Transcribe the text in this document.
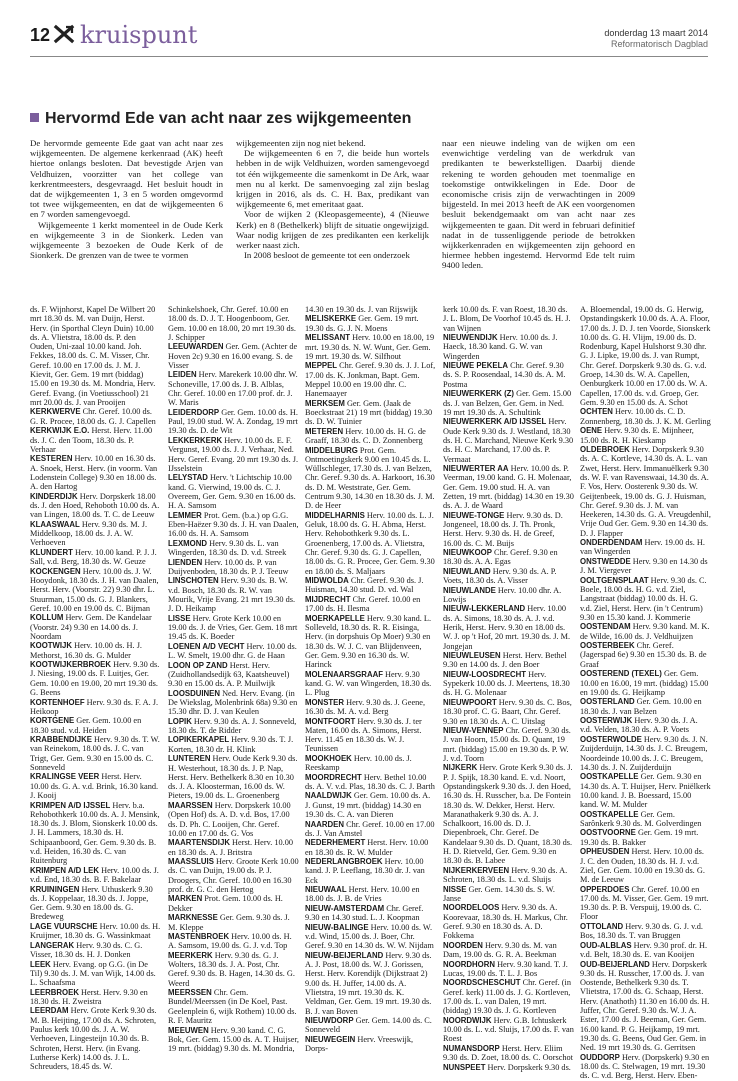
12 kruispunt	donderdag 13 maart 2014
Reformatorisch Dagblad
Hervormd Ede van acht naar zes wijkgemeenten

De hervormde gemeente Ede gaat van acht naar zes wijkgemeenten. De algemene kerkenraad (AK) heeft hiertoe onlangs besloten. Dat bevestigde Arjen van Veldhuizen, voorzitter van het college van kerkrentmeesters, desgevraagd. Het besluit houdt in dat de wijkgemeenten 1, 3 en 5 worden omgevormd tot twee wijkgemeenten, en dat de wijkgemeenten 6 en 7 worden samengevoegd.

Wijkgemeente 1 kerkt momenteel in de Oude Kerk en wijkgemeente 3 in de Sionkerk. Leden van wijkgemeente 3 bezoeken de Oude Kerk of de Sionkerk. De grenzen van de twee te vormen

wijkgemeenten zijn nog niet bekend.

De wijkgemeenten 6 en 7, die beide hun wortels hebben in de wijk Veldhuizen, worden samengevoegd tot één wijkgemeente die samenkomt in De Ark, waar men nu al kerkt. De samenvoeging zal zijn beslag krijgen in 2016, als ds. C. H. Bax, predikant van wijkgemeente 6, met emeritaat gaat.

Voor de wijken 2 (Kleopasgemeente), 4 (Nieuwe Kerk) en 8 (Bethelkerk) blijft de situatie ongewijzigd. Waar nodig krijgen de zes predikanten een kerkelijk werker naast zich.

In 2008 besloot de gemeente tot een onderzoek

naar een nieuwe indeling van de wijken om een evenwichtige verdeling van de werkdruk van predikanten te bewerkstelligen. Daarbij diende rekening te worden gehouden met toenmalige en toekomstige ontwikkelingen in Ede. Door de economische crisis zijn de verwachtingen in 2009 bijgesteld. In mei 2013 heeft de AK een voorgenomen besluit bekendgemaakt om van acht naar zes wijkgemeenten te gaan. Dit werd in februari definitief nadat in de tussenliggende periode de betrokken wijkkerkenraden en wijkgemeenten zijn gehoord en hiermee hebben ingestemd. Hervormd Ede telt ruim 9400 leden.

ds. F. Wijnhorst, Kapel De Wilbert 20 mrt 18.30 ds. M. van Duijn, Herst. Herv. (in Sporthal Cleyn Duin) 10.00 ds. A. Vlietstra, 18.00 ds. P. den Ouden, Uni-zaal 10.00 kand. Joh. Fekkes, 18.00 ds. C. M. Visser, Chr. Geref. 10.00 en 17.00 ds. J. M. J. Kievit, Ger. Gem. 19 mrt (biddag) 15.00 en 19.30 ds. M. Mondria, Herv. Geref. Evang. (in Voetiusschool) 21 mrt 20.00 ds. J. van Prooijen
KERKWERVE Chr. Geref. 10.00 ds. G. R. Procee, 18.00 ds. G. J. Capellen
KERKWIJK E.O. Herst. Herv. 11.00 ds. J. C. den Toom, 18.30 ds. P. Verhaar
KESTEREN Herv. 10.00 en 16.30 ds. A. Snoek, Herst. Herv. (in voorm. Van Lodenstein College) 9.30 en 18.00 ds. A. den Hartog
KINDERDIJK Herv. Dorpskerk 18.00 ds. J. den Hoed, Rehoboth 10.00 ds. A. van Lingen, 18.00 ds. T. C. de Leeuw
KLAASWAAL Herv. 9.30 ds. M. J. Middelkoop, 18.00 ds. J. A. W. Verhoeven
KLUNDERT Herv. 10.00 kand. P. J. J. Sall, v.d. Berg, 18.30 ds. W. Geuze
KOCKENGEN Herv. 10.00 ds. J. W. Hooydonk, 18.30 ds. J. H. van Daalen, Herst. Herv. (Voorstr. 22) 9.30 dhr. L. Stuurman, 15.00 ds. G. J. Blankers, Geref. 10.00 en 19.00 ds. C. Bijman
KOLLUM Herv. Gem. De Kandelaar (Voorstr. 24) 9.30 en 14.00 ds. J. Noordam
KOOTWIJK Herv. 10.00 ds. H. J. Methorst, 16.30 ds. G. Mulder
KOOTWIJKERBROEK Herv. 9.30 ds. J. Niesing, 19.00 ds. F. Luitjes, Ger. Gem. 10.00 en 19.00, 20 mrt 19.30 ds. G. Beens
KORTENHOEF Herv. 9.30 ds. F. A. J. Heikoop
KORTGENE Ger. Gem. 10.00 en 18.30 stud. v.d. Heiden
KRABBENDIJKE Herv. 9.30 ds. T. W. van Reinekom, 18.00 ds. J. C. van Trigt, Ger. Gem. 9.30 en 15.00 ds. C. Sonneveld
KRALINGSE VEER Herst. Herv. 10.00 ds. G. A. v.d. Brink, 16.30 kand. J. Kooij
KRIMPEN A/D IJSSEL Herv. b.a. Rehobothkerk 10.00 ds. A. J. Mensink, 18.30 ds. J. Blom, Sionskerk 10.00 ds. J. H. Lammers, 18.30 ds. H. Schipaanboord, Ger. Gem. 9.30 ds. B. v.d. Heiden, 16.30 ds. C. van Ruitenburg
KRIMPEN A/D LEK Herv. 10.00 ds. J. v.d. End, 18.30 ds. B. F. Bakelaar
KRUININGEN Herv. Uthuskerk 9.30 ds. J. Koppelaar, 18.30 ds. J. Joppe, Ger. Gem. 9.30 en 18.00 ds. G. Bredeweg
LAGE VUURSCHE Herv. 10.00 ds. H. Kruijmer, 18.30 ds. G. Wassinkmaat
LANGERAK Herv. 9.30 ds. C. G. Visser, 18.30 ds. H. J. Donken
LEEK Herv. Evang. op G.G. (in De Til) 9.30 ds. J. M. van Wijk, 14.00 ds. L. Schaafsma
LEERBROEK Herst. Herv. 9.30 en 18.30 ds. H. Zweistra
LEERDAM Herv. Grote Kerk 9.30 ds. M. B. Heijting, 17.00 ds. A. Schroten, Paulus kerk 10.00 ds. J. A. W. Verhoeven, Lingesteijn 10.30 ds. B. Schroten, Herst. Herv. (in Evang. Lutherse Kerk) 14.00 ds. J. L. Schreuders, 18.45 ds. W.
Schinkelshoek, Chr. Geref. 10.00 en 18.00 ds. D. J. T. Hoogenboom, Ger. Gem. 10.00 en 18.00, 20 mrt 19.30 ds. J. Schipper
LEEUWARDEN Ger. Gem. (Achter de Hoven 2c) 9.30 en 16.00 evang. S. de Visser
LEIDEN Herv. Marekerk 10.00 dhr. W. Schoneville, 17.00 ds. J. B. Alblas, Chr. Geref. 10.00 en 17.00 prof. dr. J. W. Maris
LEIDERDORP Ger. Gem. 10.00 ds. H. Paul, 19.00 stud. W. A. Zondag, 19 mrt 19.30 ds. D. de Wit
LEKKERKERK Herv. 10.00 ds. E. F. Vergunst, 19.00 ds. J. J. Verhaar, Ned. Herv. Geref. Evang. 20 mrt 19.30 ds. J. IJsselstein
LELYSTAD Herv. 't Lichtschip 10.00 kand. G. Vierwind, 19.00 ds. C. J. Overeem, Ger. Gem. 9.30 en 16.00 ds. H. A. Samsom
LEMMER Prot. Gem. (b.a.) op G.G. Eben-Haëzer 9.30 ds. J. H. van Daalen, 16.00 ds. H. A. Samsom
LEXMOND Herv. 9.30 ds. L. van Wingerden, 18.30 ds. D. v.d. Streek
LIENDEN Herv. 10.00 ds. P. van Duijvenboden, 18.30 ds. P. J. Teeuw
LINSCHOTEN Herv. 9.30 ds. B. W. v.d. Bosch, 18.30 ds. R. W. van Mourik, Vrije Evang. 21 mrt 19.30 ds. J. D. Heikamp
LISSE Herv. Grote Kerk 10.00 en 19.00 ds. J. de Vries, Ger. Gem. 18 mrt 19.45 ds. K. Boeder
LOENEN A/D VECHT Herv. 10.00 ds. L. W. Smelt, 19.00 dhr. G. de Haan
LOON OP ZAND Herst. Herv. (Zuidhollandsedijk 63, Kaatsheuvel) 9.30 en 15.00 ds. A. P. Muilwijk
LOOSDUINEN Ned. Herv. Evang. (in De Wiekslag, Molenbrink 68a) 9.30 en 15.30 dhr. D. J. van Keulen
LOPIK Herv. 9.30 ds. A. J. Sonneveld, 18.30 ds. T. de Ridder
LOPIKERKAPEL Herv. 9.30 ds. T. J. Korten, 18.30 dr. H. Klink
LUNTEREN Herv. Oude Kerk 9.30 ds. H. Westerhout, 18.30 ds. J. P. Nap, Herst. Herv. Bethelkerk 8.30 en 10.30 ds. J. A. Kloosterman, 16.00 ds. W. Pieters, 19.00 ds. L. Groenenberg
MAARSSEN Herv. Dorpskerk 10.00 (Open Hof) ds. A. D. v.d. Bos, 17.00 ds. D. Ph. C. Looijen, Chr. Geref. 10.00 en 17.00 ds. G. Vos
MAARTENSDIJK Herst. Herv. 10.00 en 18.30 ds. A. J. Britstra
MAASSLUIS Herv. Groote Kerk 10.00 ds. C. van Duijn, 19.00 ds. P. J. Droogers, Chr. Geref. 10.00 en 16.30 prof. dr. G. C. den Hertog
MARKEN Prot. Gem. 10.00 ds. H. Dekker
MARKNESSE Ger. Gem. 9.30 ds. J. M. Kleppe
MASTENBROEK Herv. 10.00 ds. H. A. Samsom, 19.00 ds. G. J. v.d. Top
MEERKERK Herv. 9.30 ds. G. J. Wolters, 18.30 ds. J. A. Post, Chr. Geref. 9.30 ds. B. Hagen, 14.30 ds. G. Weerd
MEERSSEN Chr. Gem. Bundel/Meerssen (in De Koel, Past. Geelenplein 6, wijk Rothem) 10.00 ds. R. F. Mauritz
MEEUWEN Herv. 9.30 kand. C. G. Bok, Ger. Gem. 15.00 ds. A. T. Huijser, 19 mrt. (biddag) 9.30 ds. M. Mondria,
14.30 en 19.30 ds. J. van Rijswijk
MELISKERKE Ger. Gem. 19 mrt. 19.30 ds. G. J. N. Moens
MELISSANT Herv. 10.00 en 18.00, 19 mrt. 19.30 ds. N. W. Wunt, Ger. Gem. 19 mrt. 19.30 ds. W. Silfhout
MEPPEL Chr. Geref. 9.30 ds. J. J. Lof, 17.00 ds. K. Jonkman, Bapt. Gem. Meppel 10.00 en 19.00 dhr. C. Hanemaayer
MERKSEM Ger. Gem. (Jaak de Boeckstraat 21) 19 mrt (biddag) 19.30 ds. D. W. Tuinier
METEREN Herv. 10.00 ds. H. G. de Graaff, 18.30 ds. C. D. Zonnenberg
MIDDELBURG Prot. Gem. Ontmoetingskerk 9.00 en 10.45 ds. L. Wüllschleger, 17.30 ds. J. van Belzen, Chr. Geref. 9.30 ds. A. Harkoort, 16.30 ds. D. M. Weststrate, Ger. Gem. Centrum 9.30, 14.30 en 18.30 ds. J. M. D. de Heer
MIDDELHARNIS Herv. 10.00 ds. L. J. Geluk, 18.00 ds. G. H. Abma, Herst. Herv. Rehobothkerk 9.30 ds. L. Groenenberg, 17.00 ds. A. Vlietstra, Chr. Geref. 9.30 ds. G. J. Capellen, 18.00 ds. G. R. Procee, Ger. Gem. 9.30 en 18.00 ds. S. Maljaars
MIDWOLDA Chr. Geref. 9.30 ds. J. Huisman, 14.30 stud. D. vd. Wal
MIJDRECHT Chr. Geref. 10.00 en 17.00 ds. H. Ilesma
MOERKAPELLE Herv. 9.30 kand. L. Solleveld, 18.30 ds. R. R. Eisinga, Herv. (in dorpshuis Op Moer) 9.30 en 18.30 ds. W. J. C. van Blijdenveen, Ger. Gem. 9.30 en 16.30 ds. W. Harinck
MOLENAARSGRAAF Herv. 9.30 kand. G. W. van Wingerden, 18.30 ds. L. Plug
MONSTER Herv. 9.30 ds. J. Geene, 16.30 ds. M. A. v.d. Berg
MONTFOORT Herv. 9.30 ds. J. ter Maten, 16.00 ds. A. Simons, Herst. Herv. 11.45 en 18.30 ds. W. J. Teunissen
MOOKHOEK Herv. 10.00 ds. J. Reeskamp
MOORDRECHT Herv. Bethel 10.00 ds. A. V. v.d. Plas, 18.30 ds. C. J. Barth
NAALDWIJK Ger. Gem. 10.00 ds. A. J. Gunst, 19 mrt. (biddag) 14.30 en 19.30 ds. C. A. van Dieren
NAARDEN Chr. Geref. 10.00 en 17.00 ds. J. Van Amstel
NEDERHEMERT Herst. Herv. 10.00 en 18.30 ds. R. W. Mulder
NEDERLANGBROEK Herv. 10.00 kand. J. P. Leeflang, 18.30 dr. J. van Eck
NIEUWAAL Herst. Herv. 10.00 en 18.00 ds. J. B. de Vries
NIEUW-AMSTERDAM Chr. Geref. 9.30 en 14.30 stud. L. J. Koopman
NIEUW-BALINGE Herv. 10.00 ds. W. v.d. Wind, 15.00 ds. J. Boer, Chr. Geref. 9.30 en 14.30 ds. W. W. Nijdam
NIEUW-BEIJERLAND Herv. 9.30 ds. A. J. Post, 18.00 ds. W. J. Gorissen, Herst. Herv. Korendijk (Dijkstraat 2) 9.00 ds. H. Juffer, 14.00 ds. A. Vlietstra, 19 mrt. 19.30 ds. K. Veldman, Ger. Gem. 19 mrt. 19.30 ds. B. J. van Boven
NIEUWDORP Ger. Gem. 14.00 ds. C. Sonneveld
NIEUWEGEIN Herv. Vreeswijk, Dorps-
kerk 10.00 ds. F. van Roest, 18.30 ds. J. L. Blom, De Voorhof 10.45 ds. H. J. van Wijnen
NIEUWENDIJK Herv. 10.00 ds. J. Haeck, 18.30 kand. G. W. van Wingerden
NIEUWE PEKELA Chr. Geref. 9.30 ds. S. P. Roosendaal, 14.30 ds. A. M. Postma
NIEUWERKERK (Z) Ger. Gem. 15.00 ds. J. van Belzen, Ger. Gem. in Ned. 19 mrt 19.30 ds. A. Schultink
NIEUWERKERK A/D IJSSEL Herv. Oude Kerk 9.30 ds. J. Westland, 18.30 ds. H. C. Marchand, Nieuwe Kerk 9.30 ds. H. C. Marchand, 17.00 ds. P. Vermaat
NIEUWERTER AA Herv. 10.00 ds. P. Veerman, 19.00 kand. G. H. Molenaar, Ger. Gem. 19.00 stud. H. A. van Zetten, 19 mrt. (biddag) 14.30 en 19.30 ds. A. J. de Waard
NIEUWE-TONGE Herv. 9.30 ds. D. Jongeneel, 18.00 ds. J. Th. Pronk, Herst. Herv. 9.30 ds. H. de Greef, 16.00 ds. C. M. Buijs
NIEUWKOOP Chr. Geref. 9.30 en 18.30 ds. A. A. Egas
NIEUWLAND Herv. 9.30 ds. A. P. Voets, 18.30 ds. A. Visser
NIEUWLANDE Herv. 10.00 dhr. A. Lowijs
NIEUW-LEKKERLAND Herv. 10.00 ds. A. Simons, 18.30 ds. A. J. v.d. Herik, Herst. Herv. 9.30 en 18.00 ds. W. J. op 't Hof, 20 mrt. 19.30 ds. J. M. Jongejan
NIEUWLEUSEN Herst. Herv. Bethel 9.30 en 14.00 ds. J. den Boer
NIEUW-LOOSDRECHT Herv. Sypekerk 10.00 ds. J. Meertens, 18.30 ds. H. G. Molenaar
NIEUWPOORT Herv. 9.30 ds. C. Bos, 18.30 prof. C. G. Baart, Chr. Geref. 9.30 en 18.30 ds. A. C. Uitslag
NIEUW-VENNEP Chr. Geref. 9.30 ds. J. van Hoorn, 15.00 ds. D. Quant, 19 mrt. (biddag) 15.00 en 19.30 ds. P. W. J. v.d. Toorn
NIJKERK Herv. Grote Kerk 9.30 ds. J. P. J. Spijk, 18.30 kand. E. v.d. Noort, Opstandingskerk 9.30 ds. J. den Hoed, 16.30 ds. H. Russcher, b.a. De Fontein 18.30 ds. W. Dekker, Herst. Herv. Maranathakerk 9.30 ds. A. J. Schalkoort, 16.00 ds. D. J. Diepenbroek, Chr. Geref. De Kandelaar 9.30 ds. D. Quant, 18.30 ds. H. D. Rietveld, Ger. Gem. 9.30 en 18.30 ds. B. Labee
NIJKERKERVEEN Herv. 9.30 ds. A. Schroten, 18.30 ds. L. v.d. Sluijs
NISSE Ger. Gem. 14.30 ds. S. W. Janse
NOORDELOOS Herv. 9.30 ds. A. Koorevaar, 18.30 ds. H. Markus, Chr. Geref. 9.30 en 18.30 ds. A. D. Fokkema
NOORDEN Herv. 9.30 ds. M. van Dam, 19.00 ds. G. R. A. Beekman
NOORDHORN Herv. 9.30 kand. T. J. Lucas, 19.00 ds. T. L. J. Bos
NOORDSCHESCHUT Chr. Geref. (in Geref. kerk) 11.00 ds. J. G. Kortleven, 17.00 ds. L. van Dalen, 19 mrt. (biddag) 19.30 ds. J. G. Kortleven
NOORDWIJK Herv. G.B. Ichtuskerk 10.00 ds. L. v.d. Sluijs, 17.00 ds. F. van Roest
NUMANSDORP Herst. Herv. Eliim 9.30 ds. D. Zoet, 18.00 ds. C. Oorschot
NUNSPEET Herv. Dorpskerk 9.30 ds.
A. Bloemendal, 19.00 ds. G. Herwig, Opstandingskerk 10.00 ds. A. A. Floor, 17.00 ds. J. D. J. ten Voorde, Sionskerk 10.00 ds. G. H. Vlijm, 19.00 ds. D. Rodenburg, Kapel Hulshorst 9.30 dhr. G. J. Lipke, 19.00 ds. J. van Rumpt, Chr. Geref. Dorpskerk 9.30 ds. G. v.d. Groep, 14.30 ds. W. A. Capellen, Oenburgkerk 10.00 en 17.00 ds. W. A. Capellen, 17.00 ds. v.d. Groep, Ger. Gem. 9.30 en 15.00 ds. A. Schot
OCHTEN Herv. 10.00 ds. C. D. Zonnenberg, 18.30 ds. J. K. M. Gerling
OENE Herv. 9.30 ds. E. Mijnheer, 15.00 ds. R. H. Kieskamp
OLDEBROEK Herv. Dorpskerk 9.30 ds. A. C. Kortleve, 14.30 ds. A. L. van Zwet, Herst. Herv. Immanuëlkerk 9.30 ds. W. F. van Ravenswaai, 14.30 ds. A. F. Vos, Herv. Oosterenk 9.30 ds. W. Geijtenbeek, 19.00 ds. G. J. Huisman, Chr. Geref. 9.30 ds. J. M. van Heekeren, 14.30 ds. G. A. Vreugdenhil, Vrije Oud Ger. Gem. 9.30 en 14.30 ds. D. J. Flapper
ONDERDENDAM Herv. 19.00 ds. H. van Wingerden
ONSTWEDDE Herv. 9.30 en 14.30 ds J. M. Viergever
OOLTGENSPLAAT Herv. 9.30 ds. C. Boele, 18.00 ds. H. G. v.d. Ziel, Langstraat (biddag) 10.00 ds. H. G. v.d. Ziel, Herst. Herv. (in 't Centrum) 9.30 en 15.30 kand. J. Kommerie
OOSTENDAM Herv. 9.30 kand. M. K. de Wilde, 16.00 ds. J. Veldhuijzen
OOSTERBEEK Chr. Geref. (Jagerspad 6e) 9.30 en 15.30 ds. B. de Graaf
OOSTEREND (TEXEL) Ger. Gem. 10.00 en 16.00, 19 mrt. (biddag) 15.00 en 19.00 ds. G. Heijkamp
OOSTERLAND Ger. Gem. 10.00 en 18.30 ds. J. van Belzen
OOSTERWIJK Herv. 9.30 ds. J. A. v.d. Velden, 18.30 ds. A. P. Voets
OOSTERWOLDE Herv. 9.30 ds. J. N. Zuijderduijn, 14.30 ds. J. C. Breugem, Noordeinde 10.00 ds. J. C. Breugem, 14.30 ds. J. N. Zuijderduijn
OOSTKAPELLE Ger. Gem. 9.30 en 14.30 ds. A. T. Huijser, Herv. Pniëlkerk 10.00 kand. J. B. Boessard, 15.00 kand. W. M. Mulder
OOSTKAPELLE Ger. Gem. Sarônkerk 9.30 ds. M. Golverdingen
OOSTVOORNE Ger. Gem. 19 mrt. 19.30 ds. B. Bakker
OPHEUSDEN Herst. Herv. 10.00 ds. J. C. den Ouden, 18.30 ds. H. J. v.d. Ziel, Ger. Gem. 10.00 en 19.30 ds. G. M. de Leeuw
OPPERDOES Chr. Geref. 10.00 en 17.00 ds. M. Visser, Ger. Gem. 19 mrt. 19.30 ds. P. B. Verspuij, 19.00 ds. C. Floor
OTTOLAND Herv. 9.30 ds. G. J. v.d. Bos, 18.30 ds. T. van Bruggen
OUD-ALBLAS Herv. 9.30 prof. dr. H. v.d. Belt, 18.30 ds. E. van Kooijen
OUD-BEIJERLAND Herv. Dorpskerk 9.30 ds. H. Russcher, 17.00 ds. J. van Oostende, Bethelkerk 9.30 ds. T. Vlietstra, 17.00 ds. G. Schaap, Herst. Herv. (Anathoth) 11.30 en 16.00 ds. H. Juffer, Chr. Geref. 9.30 ds. W. J. A. Ester, 17.00 ds. J. Beeman, Ger. Gem. 16.00 kand. P. G. Heijkamp, 19 mrt. 19.30 ds. G. Beens, Oud Ger. Gem. in Ned. 19 mrt 19.30 ds. G. Gerritsen
OUDDORP Herv. (Dorpskerk) 9.30 en 18.00 ds. C. Stelwagen, 19 mrt. 19.30 ds. C. v.d. Berg, Herst. Herv. Eben-
